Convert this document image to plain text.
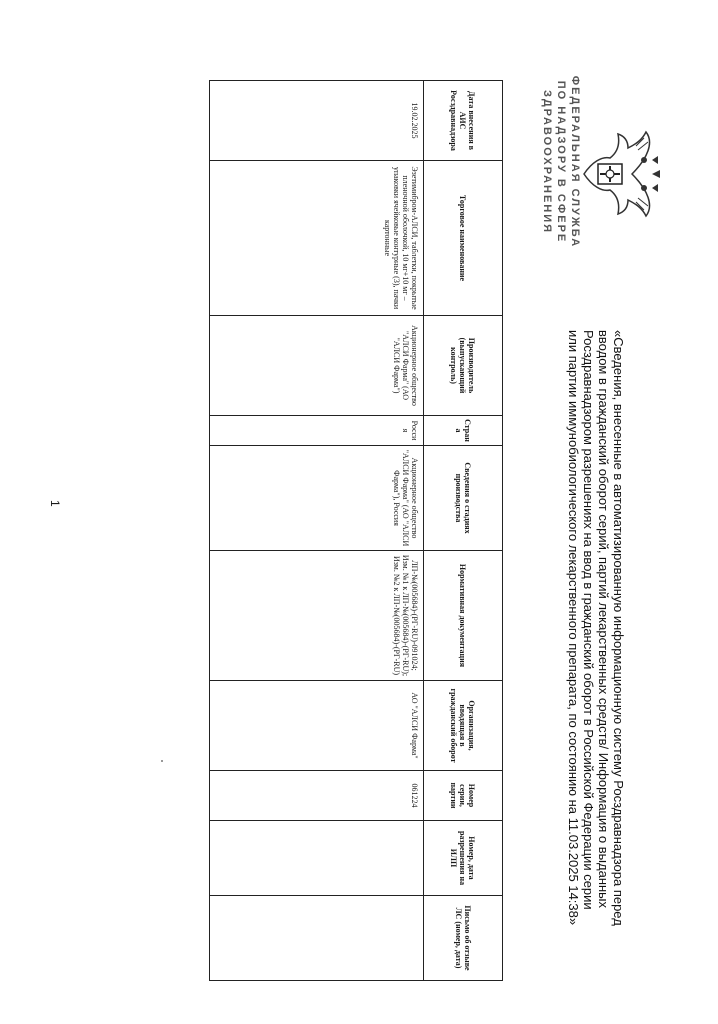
ФЕДЕРАЛЬНАЯ СЛУЖБА
ПО НАДЗОРУ В СФЕРЕ
ЗДРАВООХРАНЕНИЯ
«Сведения, внесенные в автоматизированную информационную систему Росздравнадзора перед вводом в гражданский оборот серий, партий лекарственных средств/ Информация о выданных Росздравнадзором разрешениях на ввод в гражданский оборот в Российской Федерации серии или партии иммунобиологического лекарственного препарата, по состоянию на 11.03.2025 14:38»
Дата внесения в АИС Росздравнадзора	Торговое наименование	Производитель (выпускающий контроль)	Страна	Сведения о стадиях производства	Нормативная документация	Организация, вводящая в гражданский оборот	Номер серии, партии	Номер, дата разрешения на ИЛП	Письмо об отзыве ЛС (номер, дата)
19.02.2025	Эзетимибром-АЛСИ, таблетки, покрытые пленочной оболочкой, 10 мг+10 мг – упаковки ячейковые контурные (3), пачки картонные	Акционерное общество "АЛСИ Фарма" (АО "АЛСИ Фарма")	Россия	Акционерное общество "АЛСИ Фарма" (АО "АЛСИ Фарма"), Россия	ЛП-№(005684)-(РГ-RU)-091024; Изм. №1 к ЛП-№(005684)-(РГ-RU); Изм. №2 к ЛП-№(005684)-(РГ-RU)	АО "АЛСИ Фарма"	061224		
1
